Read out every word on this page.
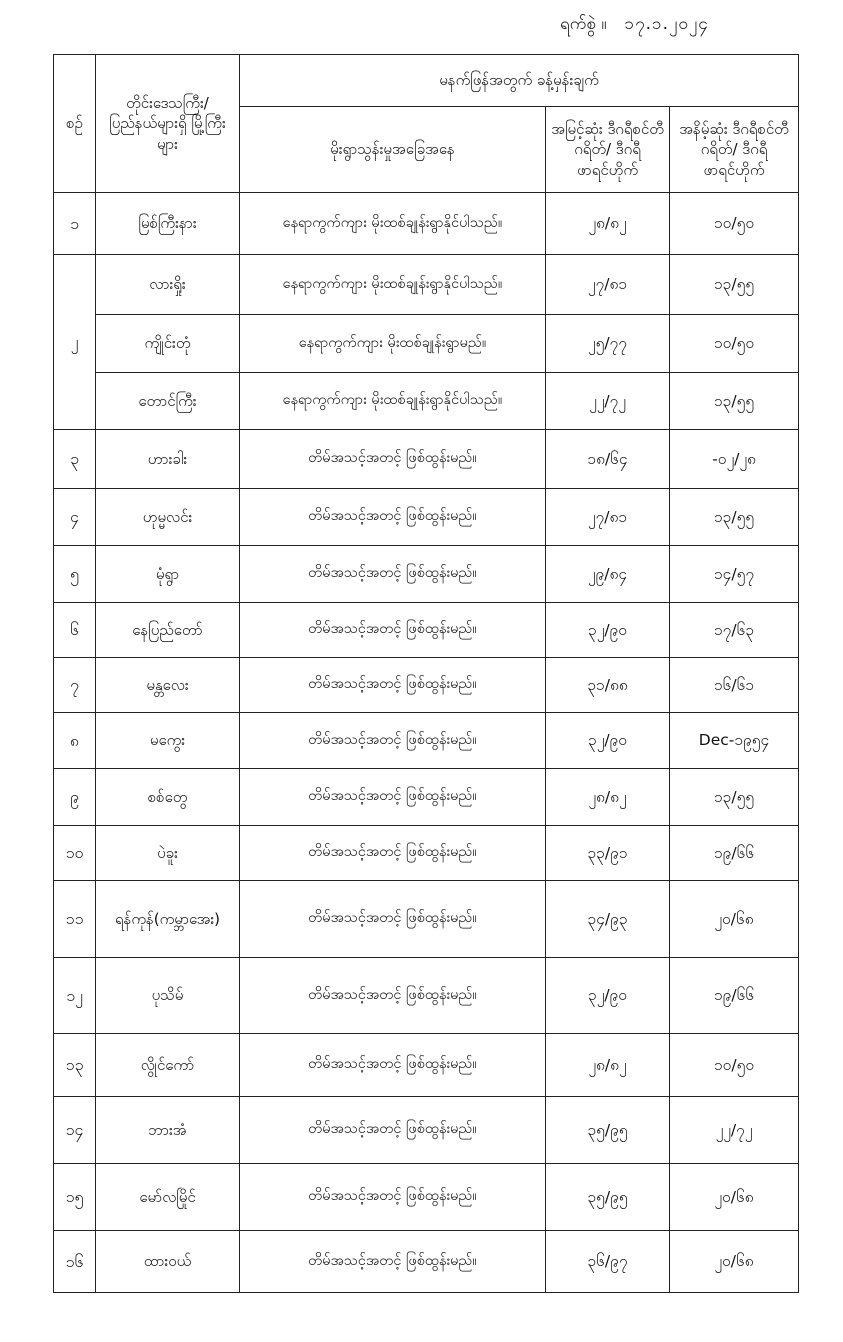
ရက်စွဲ ။ ၁၇.၁.၂၀၂၄
စဉ်	တိုင်းဒေသကြီး/ ပြည်နယ်များရှိ မြို့ကြီးများ	မနက်ဖြန်အတွက် ခန့်မှန်းချက်		
		မိုးရွာသွန်းမှုအခြေအနေ	အမြင့်ဆုံး ဒီဂရီစင်တီဂရိတ်/ ဒီဂရီဖာရင်ဟိုက်	အနိမ့်ဆုံး ဒီဂရီစင်တီဂရိတ်/ ဒီဂရီဖာရင်ဟိုက်
၁	မြစ်ကြီးနား	နေရာကွက်ကျား မိုးထစ်ချုန်းရွာနိုင်ပါသည်။	၂၈/၈၂	၁၀/၅၀
၂	လားရှိုး	နေရာကွက်ကျား မိုးထစ်ချုန်းရွာနိုင်ပါသည်။	၂၇/၈၁	၁၃/၅၅
	ကျိုင်းတုံ	နေရာကွက်ကျား မိုးထစ်ချုန်းရွာမည်။	၂၅/၇၇	၁၀/၅၀
	တောင်ကြီး	နေရာကွက်ကျား မိုးထစ်ချုန်းရွာနိုင်ပါသည်။	၂၂/၇၂	၁၃/၅၅
၃	ဟားခါး	တိမ်အသင့်အတင့် ဖြစ်ထွန်းမည်။	၁၈/၆၄	-၀၂/၂၈
၄	ဟုမ္မလင်း	တိမ်အသင့်အတင့် ဖြစ်ထွန်းမည်။	၂၇/၈၁	၁၃/၅၅
၅	မုံရွာ	တိမ်အသင့်အတင့် ဖြစ်ထွန်းမည်။	၂၉/၈၄	၁၄/၅၇
၆	နေပြည်တော်	တိမ်အသင့်အတင့် ဖြစ်ထွန်းမည်။	၃၂/၉၀	၁၇/၆၃
၇	မန္တလေး	တိမ်အသင့်အတင့် ဖြစ်ထွန်းမည်။	၃၁/၈၈	၁၆/၆၁
၈	မကွေး	တိမ်အသင့်အတင့် ဖြစ်ထွန်းမည်။	၃၂/၉၀	Dec-၁၉၅၄
၉	စစ်တွေ	တိမ်အသင့်အတင့် ဖြစ်ထွန်းမည်။	၂၈/၈၂	၁၃/၅၅
၁၀	ပဲခူး	တိမ်အသင့်အတင့် ဖြစ်ထွန်းမည်။	၃၃/၉၁	၁၉/၆၆
၁၁	ရန်ကုန်(ကမ္ဘာအေး)	တိမ်အသင့်အတင့် ဖြစ်ထွန်းမည်။	၃၄/၉၃	၂၀/၆၈
၁၂	ပုသိမ်	တိမ်အသင့်အတင့် ဖြစ်ထွန်းမည်။	၃၂/၉၀	၁၉/၆၆
၁၃	လွိုင်ကော်	တိမ်အသင့်အတင့် ဖြစ်ထွန်းမည်။	၂၈/၈၂	၁၀/၅၀
၁၄	ဘားအံ	တိမ်အသင့်အတင့် ဖြစ်ထွန်းမည်။	၃၅/၉၅	၂၂/၇၂
၁၅	မော်လမြိုင်	တိမ်အသင့်အတင့် ဖြစ်ထွန်းမည်။	၃၅/၉၅	၂၀/၆၈
၁၆	ထားဝယ်	တိမ်အသင့်အတင့် ဖြစ်ထွန်းမည်။	၃၆/၉၇	၂၀/၆၈
